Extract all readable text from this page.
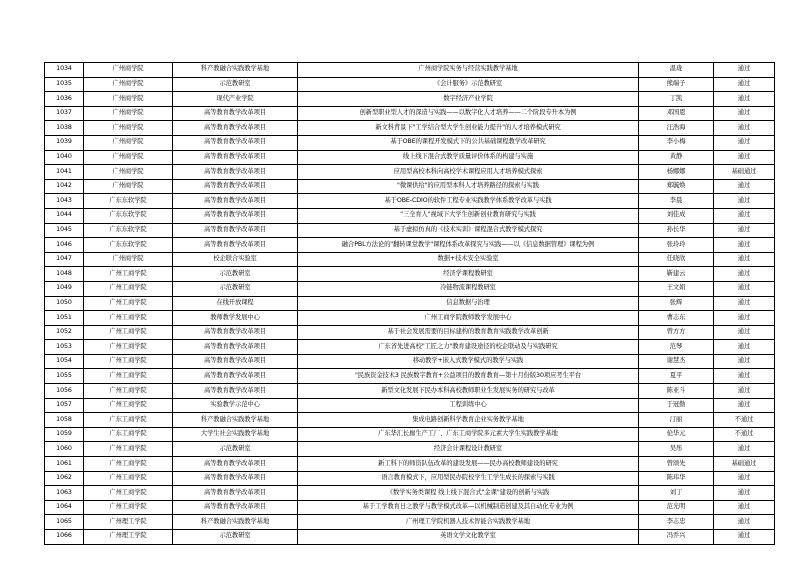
1034	广州商学院	科产教融合实践教学基地	广州商学院实务与经营实践教学基地	温珑	通过
1035	广州商学院	示范教研室	《会计服务》示范教研室	熊端子	通过
1036	广州商学院	现代产业学院	数字经济产业学院	丁凯	通过
1037	广州商学院	高等教育教学改革项目	创新型职业型人才的深造与实践——以数字化人才培养——二个阶段专升本为例	邓国恩	通过
1038	广州商学院	高等教育教学改革项目	新文科背景下"工学结合型大学生创业能力提升"的人才培养模式研究	汪浩海	通过
1039	广州商学院	高等教育教学改革项目	基于OBE的课程开发模式下的公共基础课程教学改革研究	李小梅	通过
1040	广州商学院	高等教育教学改革项目	线上线下混合式教学质量评价体系的构建与实施	黄静	通过
1041	广州商学院	高等教育教学改革项目	应用型高校本科向高校学术课程应用人才培养模式探索	杨娜娜	基础通过
1042	广州商学院	高等教育教学改革项目	"微课供给"的应用型本科人才培养路径的探索与实践	郑毓焕	通过
1043	广东东软学院	高等教育教学改革项目	基于OBE-CDIO的软件工程专业实践教学体系教学改革与实践	李晨	通过
1044	广东东软学院	高等教育教学改革项目	"三全育人"视域下大学生创新创业教育研究与实践	刘佳成	通过
1045	广东东软学院	高等教育教学改革项目	基于虚拟仿真的《技术实训》课程混合式教学模式探究	孙长华	通过
1046	广东东软学院	高等教育教学改革项目	融合PBL方法论的"翻转课堂教学"课程体系改革探究与实践——以《信息数据管理》课程为例	张玲玲	通过
1047	广州商学院	校企联合实验室	数据+技术安全实验室	任晓欣	通过
1048	广州工商学院	示范教研室	经济学课程教研室	靳建云	通过
1049	广州工商学院	示范教研室	冷链物流课程教研室	王文娟	通过
1050	广州工商学院	在线开放课程	信息数据与治理	张辉	通过
1051	广州工商学院	教师教学发展中心	广州工商学院教师教学发展中心	曹志东	通过
1052	广州工商学院	高等教育教学改革项目	基于社会发展需要的目标建构的教育教育实践教学改革创新	曾方方	通过
1053	广州工商学院	高等教育教学改革项目	广东省先进高校"工匠之力"教育建设途径的校企联动及与实践研究	范琴	通过
1054	广州工商学院	高等教育教学改革项目	移动教学+嵌入式教学模式的教学与实践	谢慧杰	通过
1055	广州工商学院	高等教育教学改革项目	"民族资金技术3 民族数字教育+公益项目的教育教育—第十月份版30项应考生平台	夏平	通过
1056	广州工商学院	高等教育教学改革项目	新型文化发展下民办本科高校教师职业生发展实务的研究与改革	陈亚斗	通过
1057	广州工商学院	实验教学示范中心	工程训练中心	于冠勤	通过
1058	广东工商学院	科产教融合实践教学基地	集成电路创新科学教育企业实务教学基地	汀丽	不通过
1059	广东工商学院	大学生社会实践教学基地	广东华汇长廊生产工厂、广东工商学院多元素大学生实践教学基地	伦华元	不通过
1060	广州工商学院	示范教研室	经济会计课程设计教研室	吴彤	通过
1061	广州工商学院	高等教育教学改革项目	新工科下的师资队伍改革的建设发展——民办高校教师建设的研究	曾颂先	基础通过
1062	广州工商学院	高等教育教学改革项目	语言教育模式下，应用型民办院校学生工学生成长的探索与实践	陈玮华	通过
1063	广州工商学院	高等教育教学改革项目	《数学实务类课程 线上线下混合式"金课"建设的创新与实践	刘丁	通过
1064	广州工商学院	高等教育教学改革项目	基于工学教育日之教学与教学模式改革—以机械制造创建及其自动化专业为例	范光明	通过
1065	广州理工学院	科产教融合实践教学基地	广州理工学院机器人技术智能合实践教学基地	李志忠	通过
1066	广州理工学院	示范教研室	英语文学文化教学室	冯乔兴	通过
